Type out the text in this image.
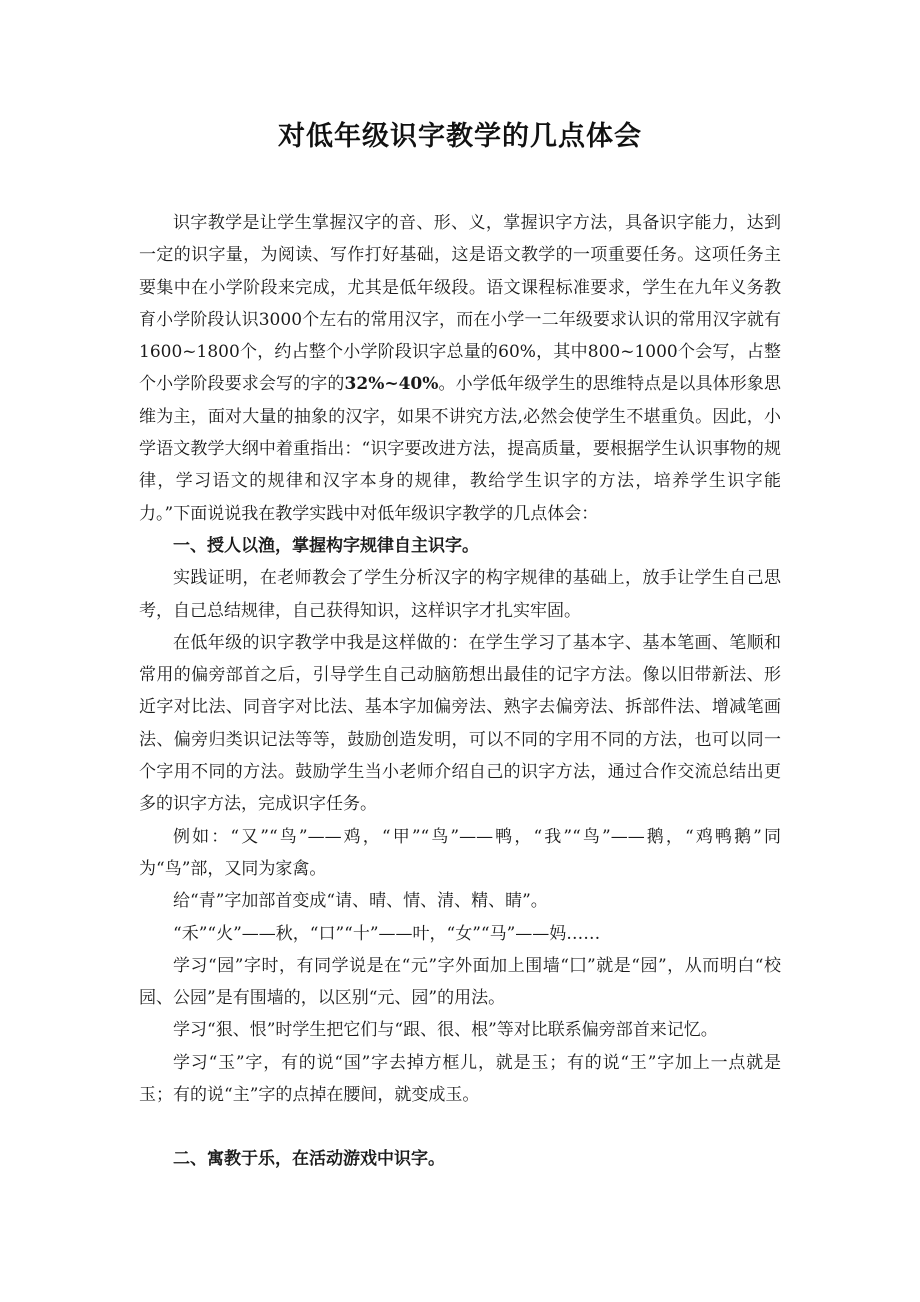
对低年级识字教学的几点体会

识字教学是让学生掌握汉字的音、形、义，掌握识字方法，具备识字能力，达到一定的识字量，为阅读、写作打好基础，这是语文教学的一项重要任务。这项任务主要集中在小学阶段来完成，尤其是低年级段。语文课程标准要求，学生在九年义务教育小学阶段认识3000个左右的常用汉字，而在小学一二年级要求认识的常用汉字就有1600~1800个，约占整个小学阶段识字总量的60%，其中800~1000个会写，占整个小学阶段要求会写的字的32%~40%。小学低年级学生的思维特点是以具体形象思维为主，面对大量的抽象的汉字，如果不讲究方法,必然会使学生不堪重负。因此，小学语文教学大纲中着重指出：“识字要改进方法，提高质量，要根据学生认识事物的规律，学习语文的规律和汉字本身的规律，教给学生识字的方法，培养学生识字能力。”下面说说我在教学实践中对低年级识字教学的几点体会：

一、授人以渔，掌握构字规律自主识字。

实践证明，在老师教会了学生分析汉字的构字规律的基础上，放手让学生自己思考，自己总结规律，自己获得知识，这样识字才扎实牢固。

在低年级的识字教学中我是这样做的：在学生学习了基本字、基本笔画、笔顺和常用的偏旁部首之后，引导学生自己动脑筋想出最佳的记字方法。像以旧带新法、形近字对比法、同音字对比法、基本字加偏旁法、熟字去偏旁法、拆部件法、增减笔画法、偏旁归类识记法等等，鼓励创造发明，可以不同的字用不同的方法，也可以同一个字用不同的方法。鼓励学生当小老师介绍自己的识字方法，通过合作交流总结出更多的识字方法，完成识字任务。

例如：“又”“鸟”——鸡，“甲”“鸟”——鸭，“我”“鸟”——鹅，“鸡鸭鹅”同为“鸟”部，又同为家禽。

给“青”字加部首变成“请、晴、情、清、精、睛”。

“禾”“火”——秋，“口”“十”——叶，“女”“马”——妈……

学习“园”字时，有同学说是在“元”字外面加上围墙“囗”就是“园”，从而明白“校园、公园”是有围墙的，以区别“元、园”的用法。

学习“狠、恨”时学生把它们与“跟、很、根”等对比联系偏旁部首来记忆。

学习“玉”字，有的说“国”字去掉方框儿，就是玉；有的说“王”字加上一点就是玉；有的说“主”字的点掉在腰间，就变成玉。

二、寓教于乐，在活动游戏中识字。
